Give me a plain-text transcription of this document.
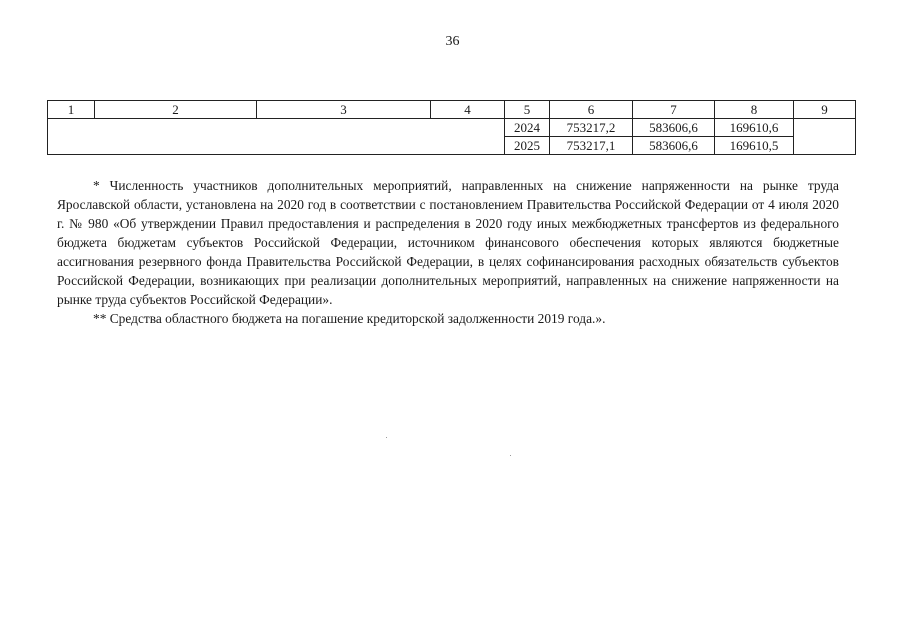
36
1	2	3	4	5	6	7	8	9
				2024	753217,2	583606,6	169610,6	
				2025	753217,1	583606,6	169610,5	

* Численность участников дополнительных мероприятий, направленных на снижение напряженности на рынке труда Ярославской области, установлена на 2020 год в соответствии с постановлением Правительства Российской Федерации от 4 июля 2020 г. № 980 «Об утверждении Правил предоставления и распределения в 2020 году иных межбюджетных трансфертов из федерального бюджета бюджетам субъектов Российской Федерации, источником финансового обеспечения которых являются бюджетные ассигнования резервного фонда Правительства Российской Федерации, в целях софинансирования расходных обязательств субъектов Российской Федерации, возникающих при реализации дополнительных мероприятий, направленных на снижение напряженности на рынке труда субъектов Российской Федерации».

** Средства областного бюджета на погашение кредиторской задолженности 2019 года.».
